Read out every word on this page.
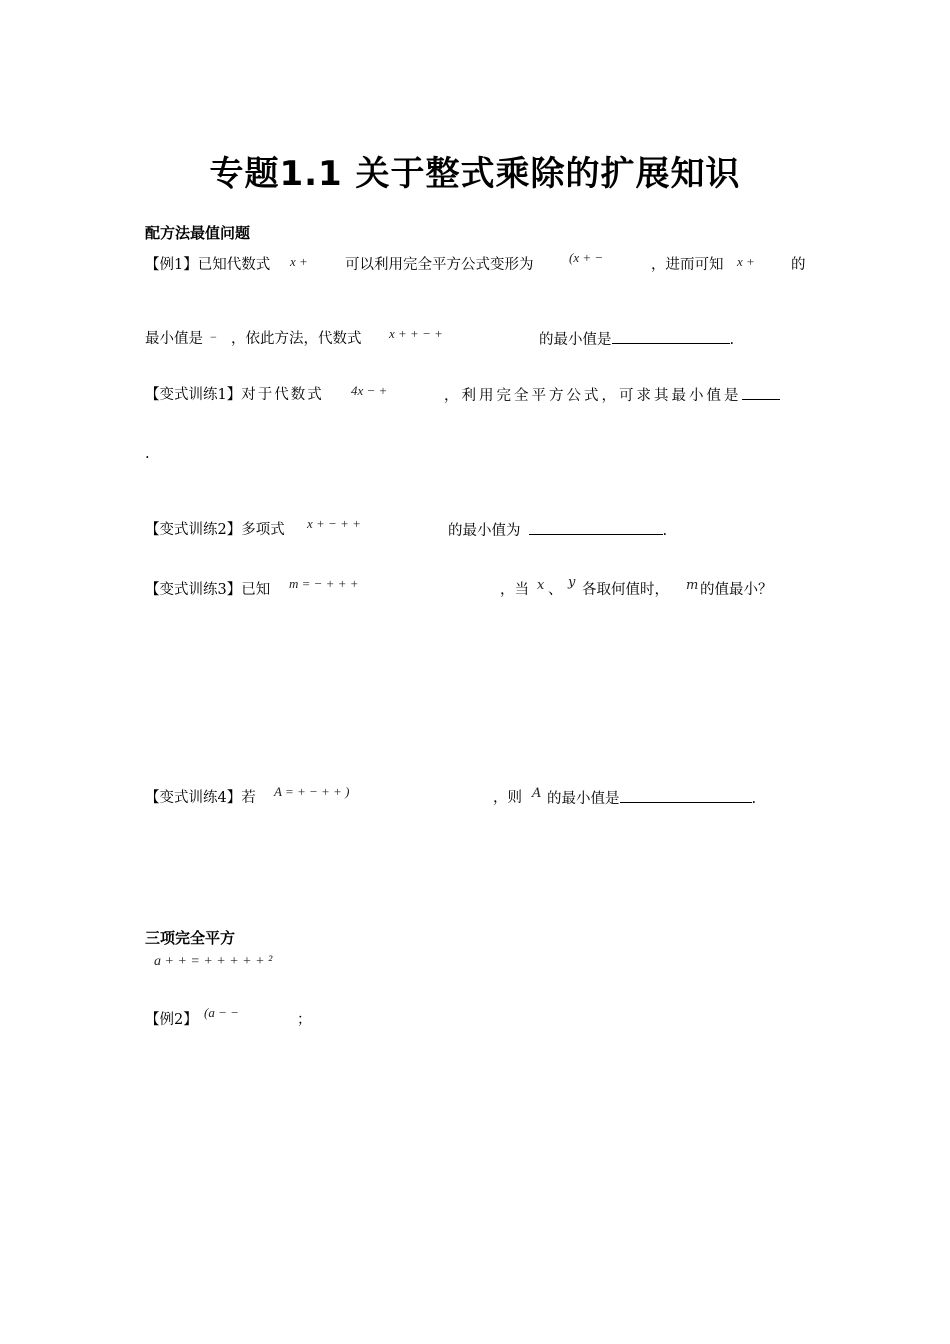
专题1.1 关于整式乘除的扩展知识
配方法最值问题
【例1】已知代数式 x +	可以利用完全平方公式变形为	(x + −	，进而可知 x + 的
最小值是 − ，依此方法，代数式 x + + − +	的最小值是	.
【变式训练1】对于代数式 4x − +	，利用完全平方公式，可求其最小值是
.
【变式训练2】多项式 x + − + +	的最小值为	.
【变式训练3】已知 m = − + + +	，当 x 、 y 各取何值时， m 的值最小？
【变式训练4】若 A = + − + + )	，则 A 的最小值是	.
三项完全平方
a + + = + + + + + ²
【例2】 (a − −	；
